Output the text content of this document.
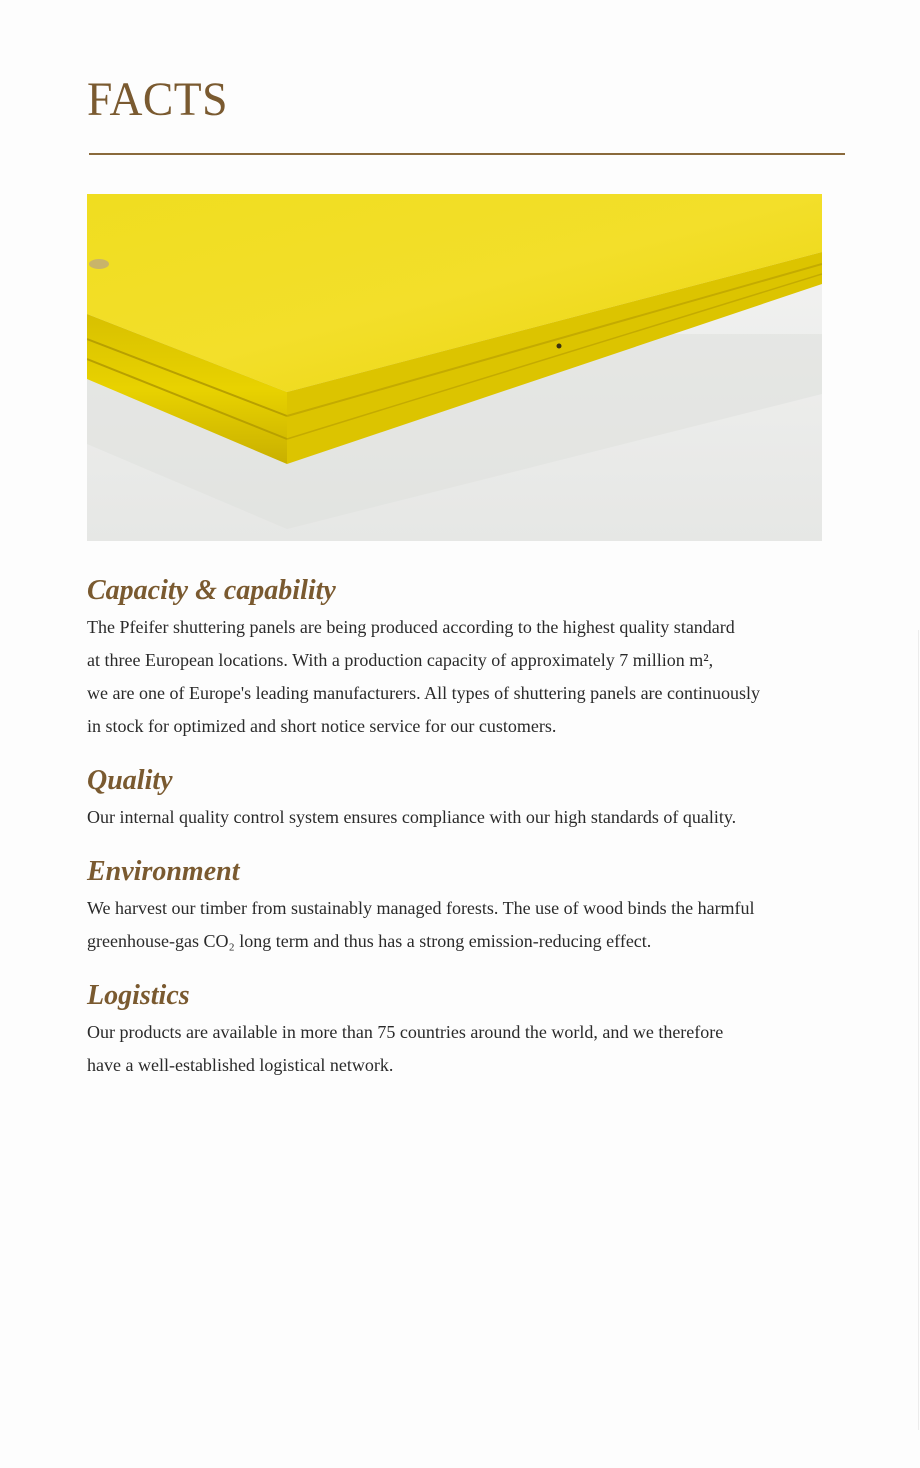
FACTS
Capacity & capability

The Pfeifer shuttering panels are being produced according to the highest quality standard
at three European locations. With a production capacity of approximately 7 million m²,
we are one of Europe's leading manufacturers. All types of shuttering panels are continuously
in stock for optimized and short notice service for our customers.

Quality

Our internal quality control system ensures compliance with our high standards of quality.

Environment

We harvest our timber from sustainably managed forests. The use of wood binds the harmful
greenhouse-gas CO₂ long term and thus has a strong emission-reducing effect.

Logistics

Our products are available in more than 75 countries around the world, and we therefore
have a well-established logistical network.
